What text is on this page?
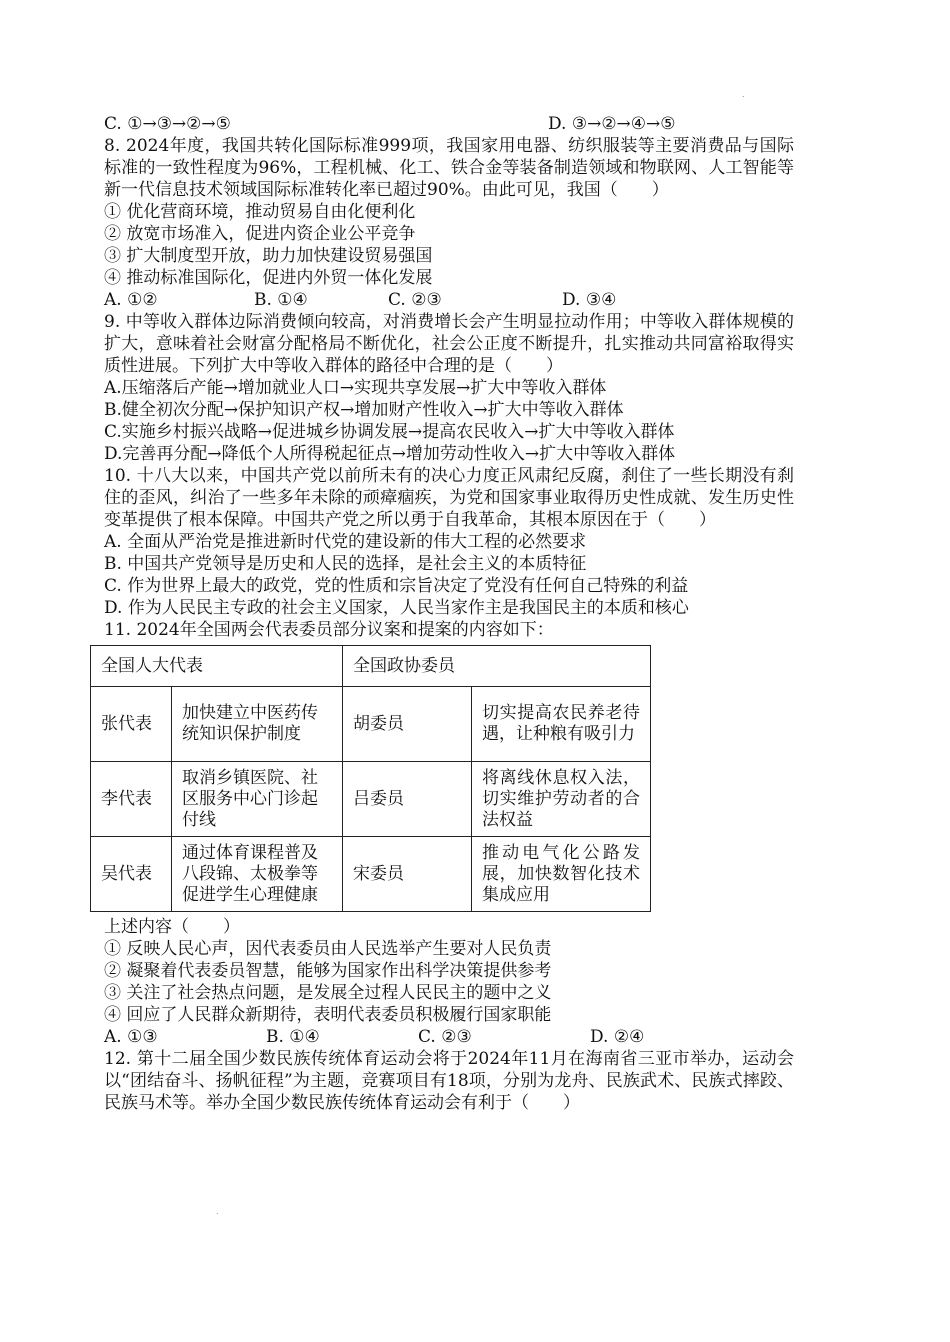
.
C. ①→③→②→⑤	D. ③→②→④→⑤
8. 2024年度，我国共转化国际标准999项，我国家用电器、纺织服装等主要消费品与国际标准的一致性程度为96%，工程机械、化工、铁合金等装备制造领域和物联网、人工智能等新一代信息技术领域国际标准转化率已超过90%。由此可见，我国（　　）
① 优化营商环境，推动贸易自由化便利化
② 放宽市场准入，促进内资企业公平竞争
③ 扩大制度型开放，助力加快建设贸易强国
④ 推动标准国际化，促进内外贸一体化发展
A. ①②	B. ①④	C. ②③	D. ③④
9. 中等收入群体边际消费倾向较高，对消费增长会产生明显拉动作用；中等收入群体规模的扩大，意味着社会财富分配格局不断优化，社会公正度不断提升，扎实推动共同富裕取得实质性进展。下列扩大中等收入群体的路径中合理的是（　　）
A.压缩落后产能→增加就业人口→实现共享发展→扩大中等收入群体
B.健全初次分配→保护知识产权→增加财产性收入→扩大中等收入群体
C.实施乡村振兴战略→促进城乡协调发展→提高农民收入→扩大中等收入群体
D.完善再分配→降低个人所得税起征点→增加劳动性收入→扩大中等收入群体
10. 十八大以来，中国共产党以前所未有的决心力度正风肃纪反腐，刹住了一些长期没有刹住的歪风，纠治了一些多年未除的顽瘴痼疾，为党和国家事业取得历史性成就、发生历史性变革提供了根本保障。中国共产党之所以勇于自我革命，其根本原因在于（　　）
A. 全面从严治党是推进新时代党的建设新的伟大工程的必然要求
B. 中国共产党领导是历史和人民的选择，是社会主义的本质特征
C. 作为世界上最大的政党，党的性质和宗旨决定了党没有任何自己特殊的利益
D. 作为人民民主专政的社会主义国家，人民当家作主是我国民主的本质和核心
11. 2024年全国两会代表委员部分议案和提案的内容如下：
全国人大代表		全国政协委员	
张代表	加快建立中医药传统知识保护制度	胡委员	切实提高农民养老待遇，让种粮有吸引力
李代表	取消乡镇医院、社区服务中心门诊起付线	吕委员	将离线休息权入法，切实维护劳动者的合法权益
吴代表	通过体育课程普及八段锦、太极拳等促进学生心理健康	宋委员	推动电气化公路发展，加快数智化技术集成应用
上述内容（　　）
① 反映人民心声，因代表委员由人民选举产生要对人民负责
② 凝聚着代表委员智慧，能够为国家作出科学决策提供参考
③ 关注了社会热点问题，是发展全过程人民民主的题中之义
④ 回应了人民群众新期待，表明代表委员积极履行国家职能
A. ①③	B. ①④	C. ②③	D. ②④
12. 第十二届全国少数民族传统体育运动会将于2024年11月在海南省三亚市举办，运动会以“团结奋斗、扬帆征程”为主题，竞赛项目有18项，分别为龙舟、民族武术、民族式摔跤、民族马术等。举办全国少数民族传统体育运动会有利于（　　）
.
